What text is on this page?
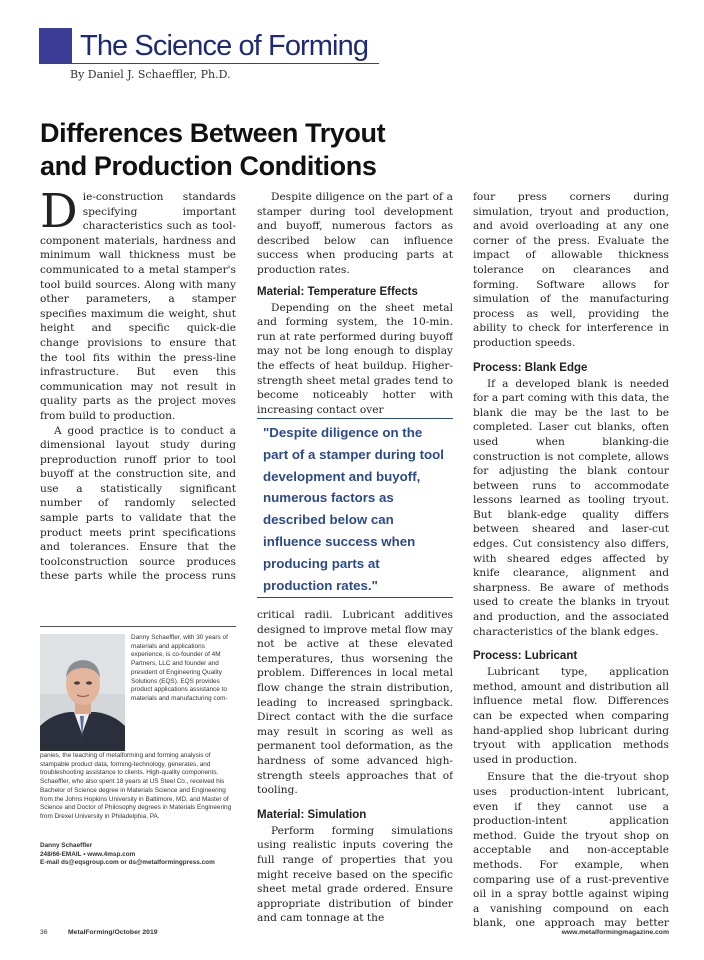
The Science of Forming
By Daniel J. Schaeffler, Ph.D.
Differences Between Tryout
and Production Conditions

Die-construction standards specifying important characteristics such as tool-component materials, hardness and minimum wall thickness must be communicated to a metal stamper's tool build sources. Along with many other parameters, a stamper specifies maximum die weight, shut height and specific quick-die change provisions to ensure that the tool fits within the press-line infrastructure. But even this communication may not result in quality parts as the project moves from build to production.

A good practice is to conduct a dimensional layout study during preproduction runoff prior to tool buyoff at the construction site, and use a statistically significant number of randomly selected sample parts to validate that the product meets print specifications and tolerances. Ensure that the toolconstruction source produces these parts while the process runs

Danny Schaeffler, with 30 years of materials and applications experience, is co-founder of 4M Partners, LLC and founder and president of Engineering Quality Solutions (EQS). EQS provides product applications assistance to materials and manufacturing com-
panies, the teaching of metalforming and forming analysis of stampable product data, forming-technology, generates, and troubleshooting assistance to clients. High-quality components. Schaeffler, who also spent 18 years at US Steel Co., received his Bachelor of Science degree in Materials Science and Engineering from the Johns Hopkins University in Baltimore, MD, and Master of Science and Doctor of Philosophy degrees in Materials Engineering from Drexel University in Philadelphia, PA.
Danny Schaeffler
248/66-EMAIL • www.4msp.com
E-mail ds@eqsgroup.com or ds@metalformingpress.com

Despite diligence on the part of a stamper during tool development and buyoff, numerous factors as described below can influence success when producing parts at production rates.

Material: Temperature Effects

Depending on the sheet metal and forming system, the 10-min. run at rate performed during buyoff may not be long enough to display the effects of heat buildup. Higher-strength sheet metal grades tend to become noticeably hotter with increasing contact over

"Despite diligence on the part of a stamper during tool development and buyoff, numerous factors as described below can influence success when producing parts at production rates."

critical radii. Lubricant additives designed to improve metal flow may not be active at these elevated temperatures, thus worsening the problem. Differences in local metal flow change the strain distribution, leading to increased springback. Direct contact with the die surface may result in scoring as well as permanent tool deformation, as the hardness of some advanced high-strength steels approaches that of tooling.

Material: Simulation

Perform forming simulations using realistic inputs covering the full range of properties that you might receive based on the specific sheet metal grade ordered. Ensure appropriate distribution of binder and cam tonnage at the

four press corners during simulation, tryout and production, and avoid overloading at any one corner of the press. Evaluate the impact of allowable thickness tolerance on clearances and forming. Software allows for simulation of the manufacturing process as well, providing the ability to check for interference in production speeds.

Process: Blank Edge

If a developed blank is needed for a part coming with this data, the blank die may be the last to be completed. Laser cut blanks, often used when blanking-die construction is not complete, allows for adjusting the blank contour between runs to accommodate lessons learned as tooling tryout. But blank-edge quality differs between sheared and laser-cut edges. Cut consistency also differs, with sheared edges affected by knife clearance, alignment and sharpness. Be aware of methods used to create the blanks in tryout and production, and the associated characteristics of the blank edges.

Process: Lubricant

Lubricant type, application method, amount and distribution all influence metal flow. Differences can be expected when comparing hand-applied shop lubricant during tryout with application methods used in production.

Ensure that the die-tryout shop uses production-intent lubricant, even if they cannot use a production-intent application method. Guide the tryout shop on acceptable and non-acceptable methods. For example, when comparing use of a rust-preventive oil in a spray bottle against wiping a vanishing compound on each blank, one approach may better

36	MetalForming/October 2019	www.metalformingmagazine.com
